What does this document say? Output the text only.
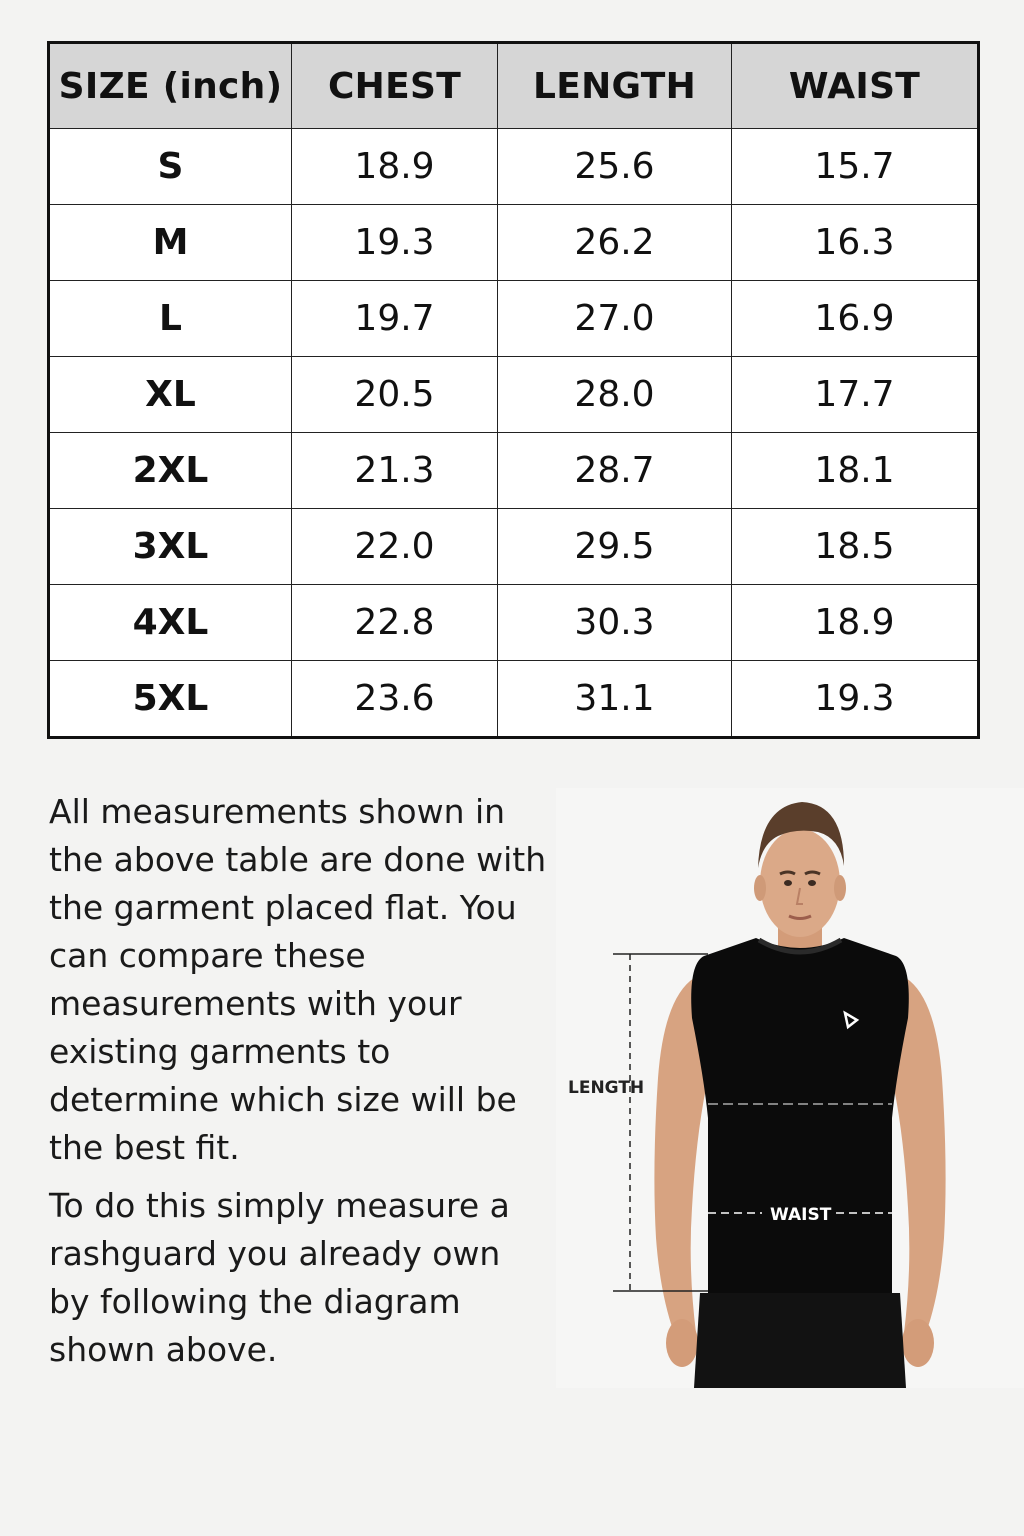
SIZE (inch)	CHEST	LENGTH	WAIST
S	18.9	25.6	15.7
M	19.3	26.2	16.3
L	19.7	27.0	16.9
XL	20.5	28.0	17.7
2XL	21.3	28.7	18.1
3XL	22.0	29.5	18.5
4XL	22.8	30.3	18.9
5XL	23.6	31.1	19.3

All measurements shown in the above table are done with the garment placed flat. You can compare these measurements with your existing garments to determine which size will be the best fit.

To do this simply measure a rashguard you already own by following the diagram shown above.

LENGTH
WAIST
